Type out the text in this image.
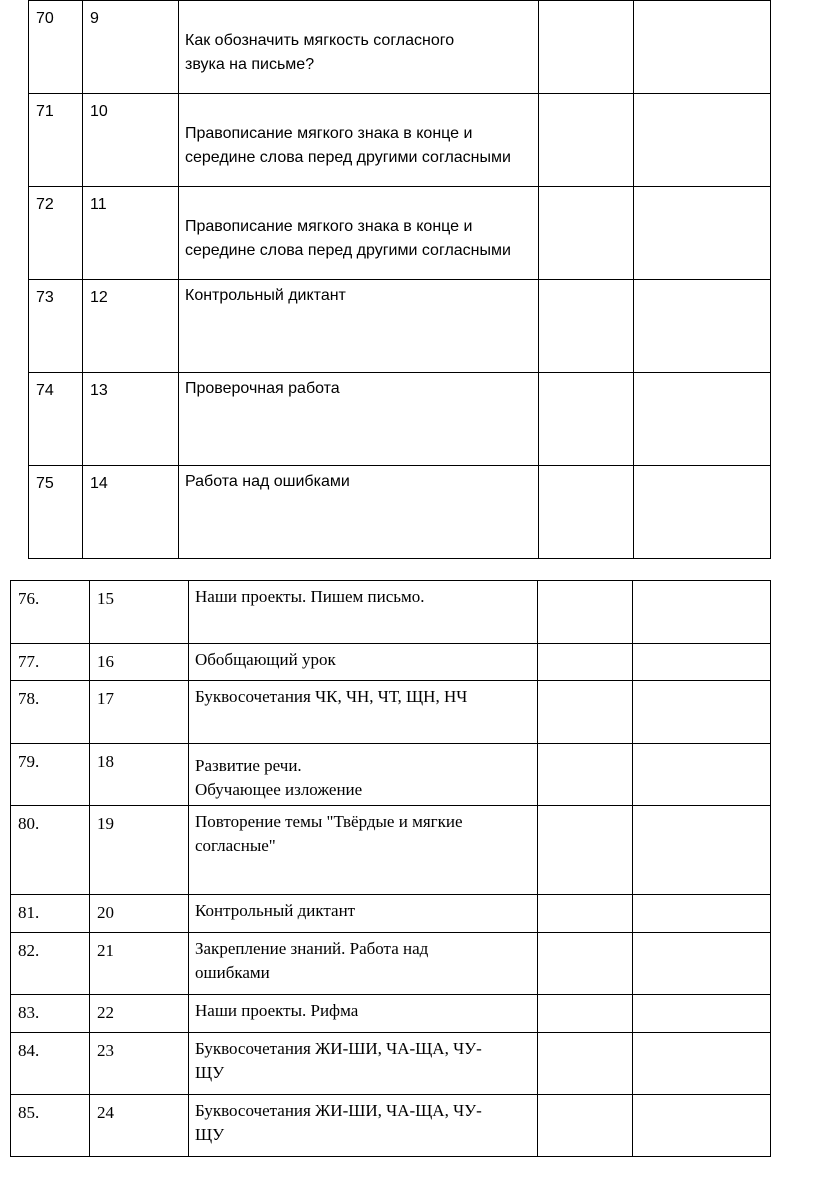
70	9	Как обозначить мягкость согласного
звука на письме?		

71	10	Правописание мягкого знака в конце и
середине слова перед другими согласными		

72	11	Правописание мягкого знака в конце и
середине слова перед другими согласными		

73	12	Контрольный диктант		

74	13	Проверочная работа		

75	14	Работа над ошибками		

76.	15	Наши проекты. Пишем письмо.		

77.	16	Обобщающий урок		

78.	17	Буквосочетания ЧК, ЧН, ЧТ, ЩН, НЧ		

79.	18	Развитие речи.
Обучающее изложение		

80.	19	Повторение темы "Твёрдые и мягкие
согласные"		

81.	20	Контрольный диктант		

82.	21	Закрепление знаний. Работа над
ошибками		

83.	22	Наши проекты. Рифма		

84.	23	Буквосочетания ЖИ-ШИ, ЧА-ЩА, ЧУ-
ЩУ		

85.	24	Буквосочетания ЖИ-ШИ, ЧА-ЩА, ЧУ-
ЩУ		
